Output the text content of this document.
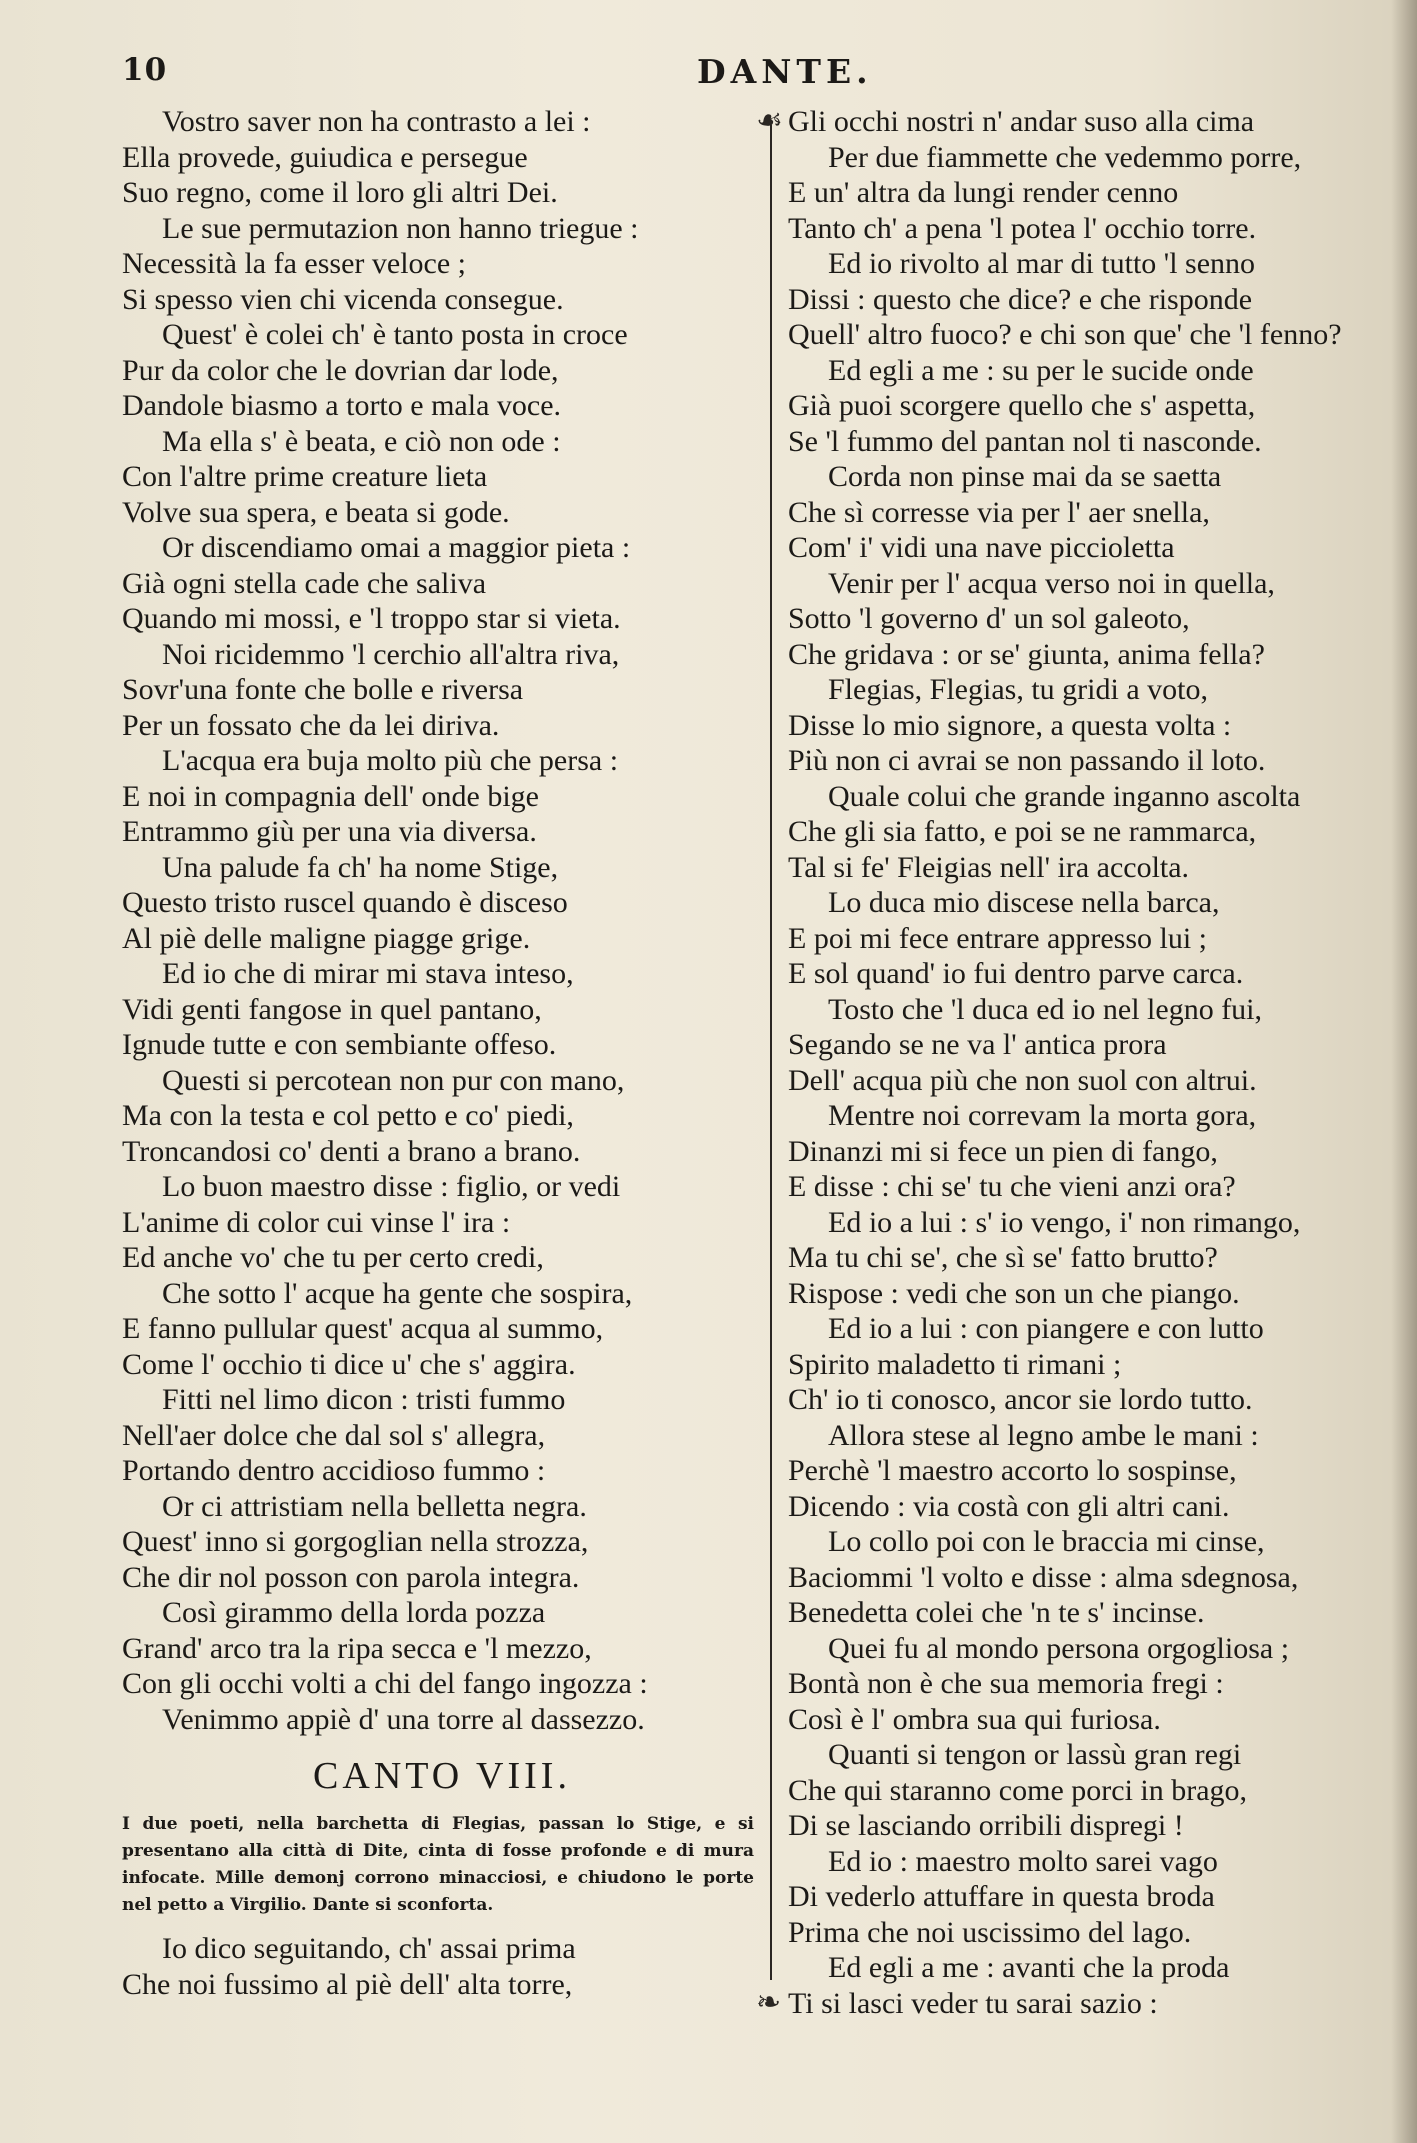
10	DANTE.
☙
❧
Vostro saver non ha contrasto a lei :
Ella provede, guiudica e persegue
Suo regno, come il loro gli altri Dei.
Le sue permutazion non hanno triegue :
Necessità la fa esser veloce ;
Si spesso vien chi vicenda consegue.
Quest' è colei ch' è tanto posta in croce
Pur da color che le dovrian dar lode,
Dandole biasmo a torto e mala voce.
Ma ella s' è beata, e ciò non ode :
Con l'altre prime creature lieta
Volve sua spera, e beata si gode.
Or discendiamo omai a maggior pieta :
Già ogni stella cade che saliva
Quando mi mossi, e 'l troppo star si vieta.
Noi ricidemmo 'l cerchio all'altra riva,
Sovr'una fonte che bolle e riversa
Per un fossato che da lei diriva.
L'acqua era buja molto più che persa :
E noi in compagnia dell' onde bige
Entrammo giù per una via diversa.
Una palude fa ch' ha nome Stige,
Questo tristo ruscel quando è disceso
Al piè delle maligne piagge grige.
Ed io che di mirar mi stava inteso,
Vidi genti fangose in quel pantano,
Ignude tutte e con sembiante offeso.
Questi si percotean non pur con mano,
Ma con la testa e col petto e co' piedi,
Troncandosi co' denti a brano a brano.
Lo buon maestro disse : figlio, or vedi
L'anime di color cui vinse l' ira :
Ed anche vo' che tu per certo credi,
Che sotto l' acque ha gente che sospira,
E fanno pullular quest' acqua al summo,
Come l' occhio ti dice u' che s' aggira.
Fitti nel limo dicon : tristi fummo
Nell'aer dolce che dal sol s' allegra,
Portando dentro accidioso fummo :
Or ci attristiam nella belletta negra.
Quest' inno si gorgoglian nella strozza,
Che dir nol posson con parola integra.
Così girammo della lorda pozza
Grand' arco tra la ripa secca e 'l mezzo,
Con gli occhi volti a chi del fango ingozza :
Venimmo appiè d' una torre al dassezzo.
CANTO VIII.
I due poeti, nella barchetta di Flegias, passan lo Stige, e si presentano alla città di Dite, cinta di fosse profonde e di mura infocate. Mille demonj corrono minacciosi, e chiudono le porte nel petto a Virgilio. Dante si sconforta.
Io dico seguitando, ch' assai prima
Che noi fussimo al piè dell' alta torre,
Gli occhi nostri n' andar suso alla cima
Per due fiammette che vedemmo porre,
E un' altra da lungi render cenno
Tanto ch' a pena 'l potea l' occhio torre.
Ed io rivolto al mar di tutto 'l senno
Dissi : questo che dice? e che risponde
Quell' altro fuoco? e chi son que' che 'l fenno?
Ed egli a me : su per le sucide onde
Già puoi scorgere quello che s' aspetta,
Se 'l fummo del pantan nol ti nasconde.
Corda non pinse mai da se saetta
Che sì corresse via per l' aer snella,
Com' i' vidi una nave piccioletta
Venir per l' acqua verso noi in quella,
Sotto 'l governo d' un sol galeoto,
Che gridava : or se' giunta, anima fella?
Flegias, Flegias, tu gridi a voto,
Disse lo mio signore, a questa volta :
Più non ci avrai se non passando il loto.
Quale colui che grande inganno ascolta
Che gli sia fatto, e poi se ne rammarca,
Tal si fe' Fleigias nell' ira accolta.
Lo duca mio discese nella barca,
E poi mi fece entrare appresso lui ;
E sol quand' io fui dentro parve carca.
Tosto che 'l duca ed io nel legno fui,
Segando se ne va l' antica prora
Dell' acqua più che non suol con altrui.
Mentre noi correvam la morta gora,
Dinanzi mi si fece un pien di fango,
E disse : chi se' tu che vieni anzi ora?
Ed io a lui : s' io vengo, i' non rimango,
Ma tu chi se', che sì se' fatto brutto?
Rispose : vedi che son un che piango.
Ed io a lui : con piangere e con lutto
Spirito maladetto ti rimani ;
Ch' io ti conosco, ancor sie lordo tutto.
Allora stese al legno ambe le mani :
Perchè 'l maestro accorto lo sospinse,
Dicendo : via costà con gli altri cani.
Lo collo poi con le braccia mi cinse,
Baciommi 'l volto e disse : alma sdegnosa,
Benedetta colei che 'n te s' incinse.
Quei fu al mondo persona orgogliosa ;
Bontà non è che sua memoria fregi :
Così è l' ombra sua qui furiosa.
Quanti si tengon or lassù gran regi
Che qui staranno come porci in brago,
Di se lasciando orribili dispregi !
Ed io : maestro molto sarei vago
Di vederlo attuffare in questa broda
Prima che noi uscissimo del lago.
Ed egli a me : avanti che la proda
Ti si lasci veder tu sarai sazio :
